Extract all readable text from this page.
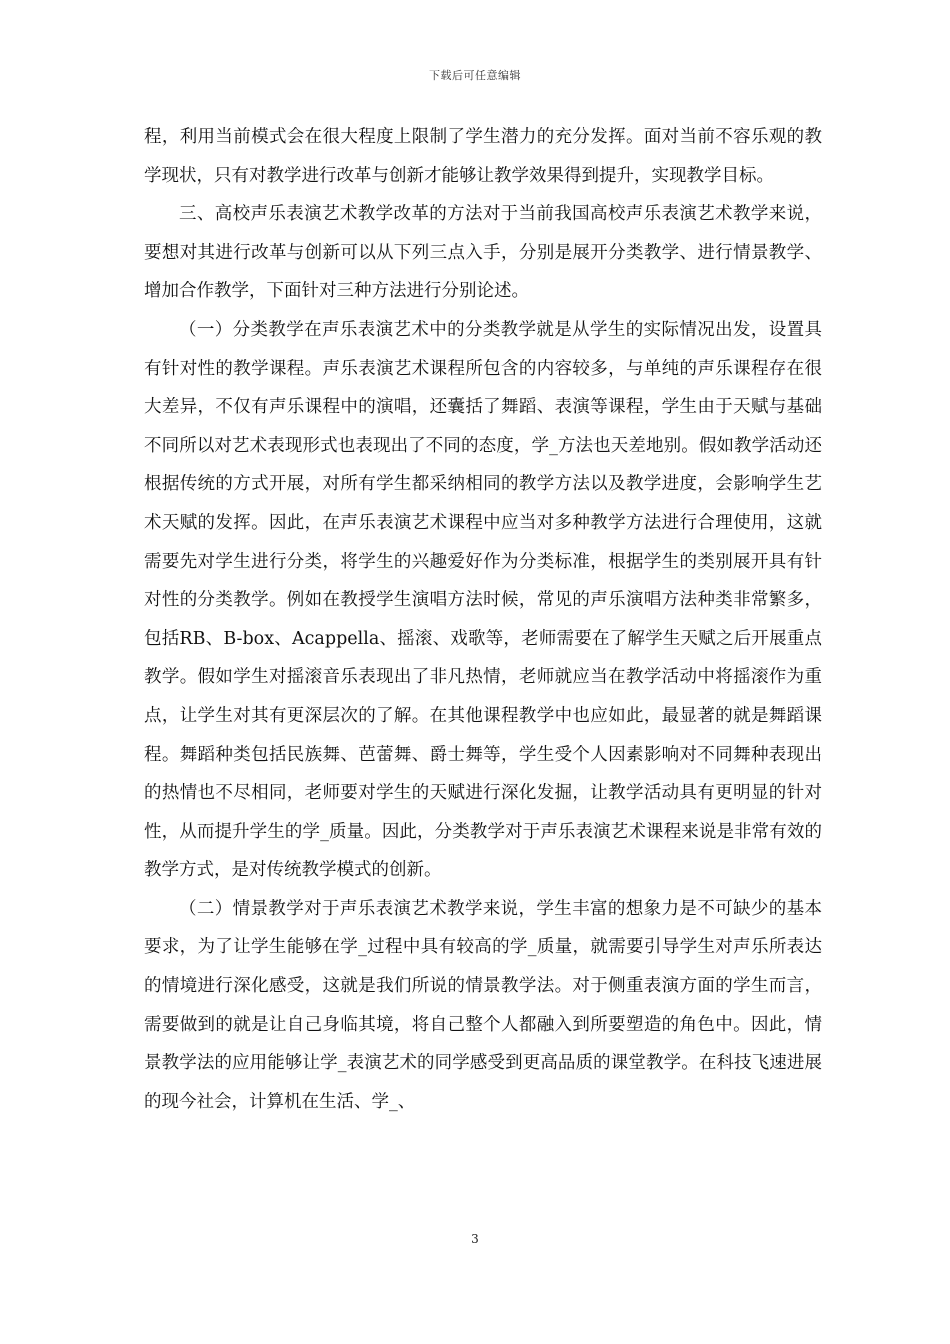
下载后可任意编辑

程，利用当前模式会在很大程度上限制了学生潜力的充分发挥。面对当前不容乐观的教学现状，只有对教学进行改革与创新才能够让教学效果得到提升，实现教学目标。

三、高校声乐表演艺术教学改革的方法对于当前我国高校声乐表演艺术教学来说，要想对其进行改革与创新可以从下列三点入手，分别是展开分类教学、进行情景教学、增加合作教学，下面针对三种方法进行分别论述。

（一）分类教学在声乐表演艺术中的分类教学就是从学生的实际情况出发，设置具有针对性的教学课程。声乐表演艺术课程所包含的内容较多，与单纯的声乐课程存在很大差异，不仅有声乐课程中的演唱，还囊括了舞蹈、表演等课程，学生由于天赋与基础不同所以对艺术表现形式也表现出了不同的态度，学_方法也天差地别。假如教学活动还根据传统的方式开展，对所有学生都采纳相同的教学方法以及教学进度，会影响学生艺术天赋的发挥。因此，在声乐表演艺术课程中应当对多种教学方法进行合理使用，这就需要先对学生进行分类，将学生的兴趣爱好作为分类标准，根据学生的类别展开具有针对性的分类教学。例如在教授学生演唱方法时候，常见的声乐演唱方法种类非常繁多，包括RB、B-box、Acappella、摇滚、戏歌等，老师需要在了解学生天赋之后开展重点教学。假如学生对摇滚音乐表现出了非凡热情，老师就应当在教学活动中将摇滚作为重点，让学生对其有更深层次的了解。在其他课程教学中也应如此，最显著的就是舞蹈课程。舞蹈种类包括民族舞、芭蕾舞、爵士舞等，学生受个人因素影响对不同舞种表现出的热情也不尽相同，老师要对学生的天赋进行深化发掘，让教学活动具有更明显的针对性，从而提升学生的学_质量。因此，分类教学对于声乐表演艺术课程来说是非常有效的教学方式，是对传统教学模式的创新。

（二）情景教学对于声乐表演艺术教学来说，学生丰富的想象力是不可缺少的基本要求，为了让学生能够在学_过程中具有较高的学_质量，就需要引导学生对声乐所表达的情境进行深化感受，这就是我们所说的情景教学法。对于侧重表演方面的学生而言，需要做到的就是让自己身临其境，将自己整个人都融入到所要塑造的角色中。因此，情景教学法的应用能够让学_表演艺术的同学感受到更高品质的课堂教学。在科技飞速进展的现今社会，计算机在生活、学_、

3
